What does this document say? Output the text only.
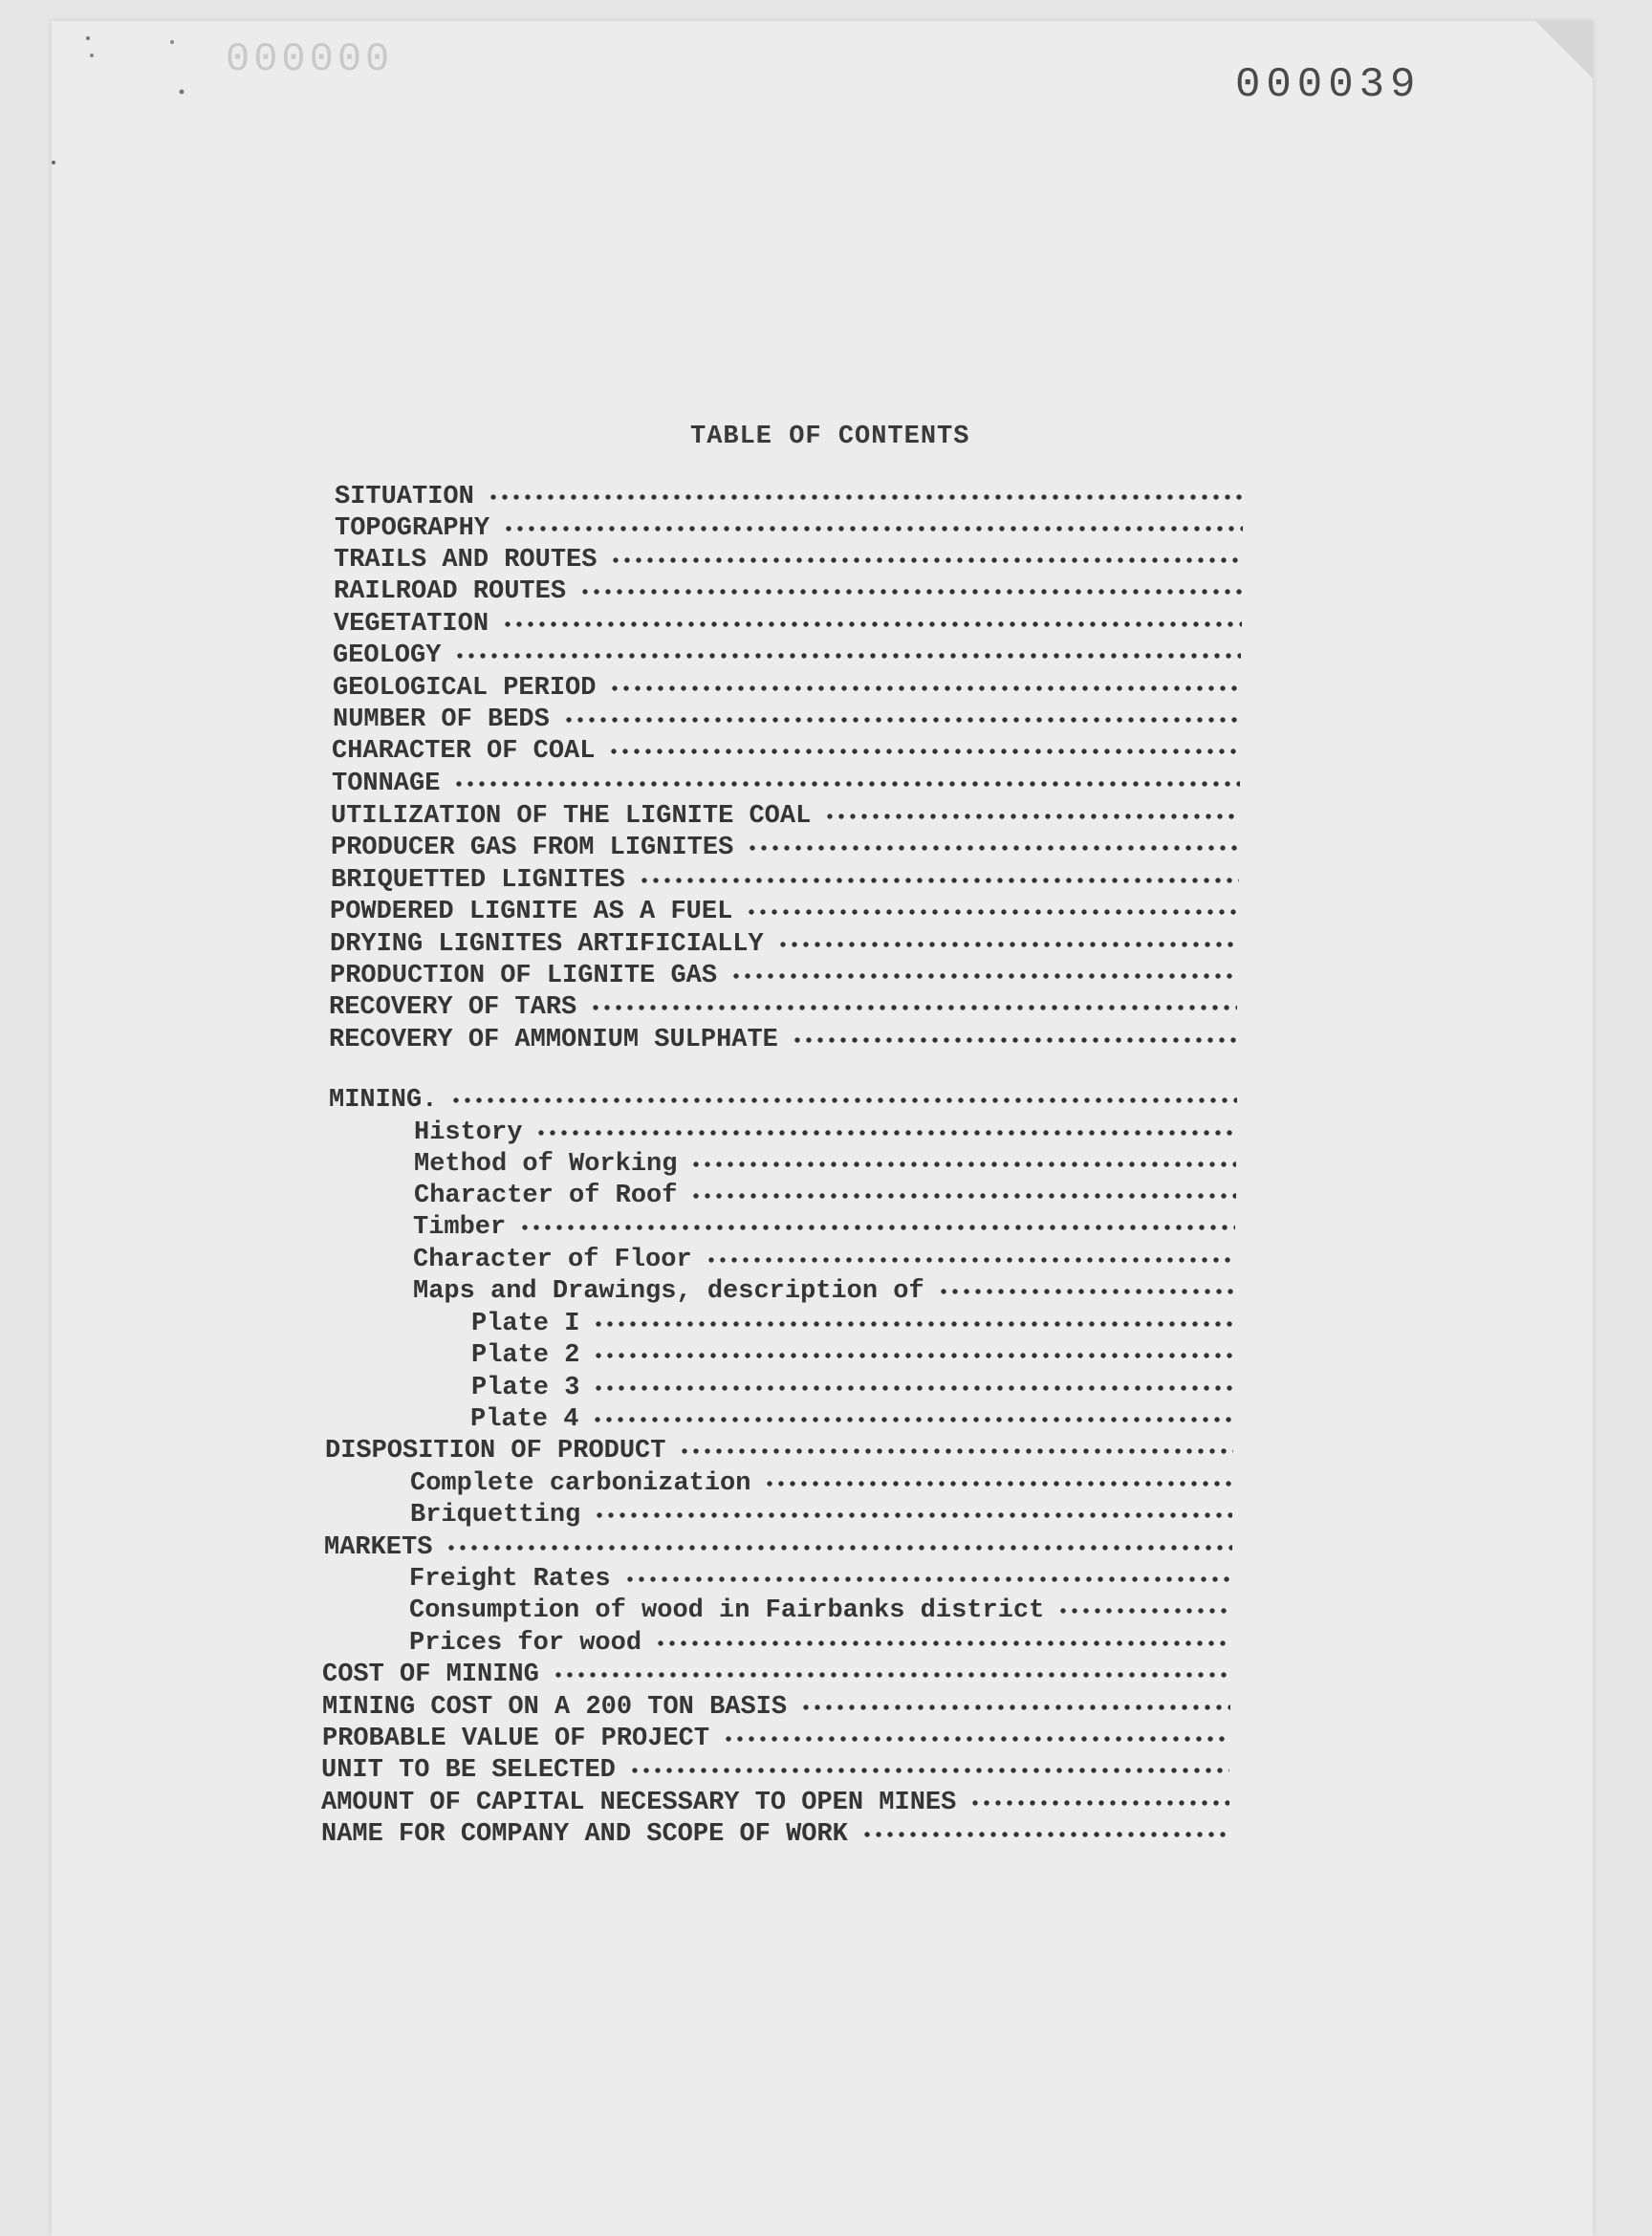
000000
000039
TABLE OF CONTENTS
SITUATION
TOPOGRAPHY
TRAILS AND ROUTES
RAILROAD ROUTES
VEGETATION
GEOLOGY
GEOLOGICAL PERIOD
NUMBER OF BEDS
CHARACTER OF COAL
TONNAGE
UTILIZATION OF THE LIGNITE COAL
PRODUCER GAS FROM LIGNITES
BRIQUETTED LIGNITES
POWDERED LIGNITE AS A FUEL
DRYING LIGNITES ARTIFICIALLY
PRODUCTION OF LIGNITE GAS
RECOVERY OF TARS
RECOVERY OF AMMONIUM SULPHATE
MINING.
History
Method of Working
Character of Roof
Timber
Character of Floor
Maps and Drawings, description of
Plate I
Plate 2
Plate 3
Plate 4
DISPOSITION OF PRODUCT
Complete carbonization
Briquetting
MARKETS
Freight Rates
Consumption of wood in Fairbanks district
Prices for wood
COST OF MINING
MINING COST ON A 200 TON BASIS
PROBABLE VALUE OF PROJECT
UNIT TO BE SELECTED
AMOUNT OF CAPITAL NECESSARY TO OPEN MINES
NAME FOR COMPANY AND SCOPE OF WORK
